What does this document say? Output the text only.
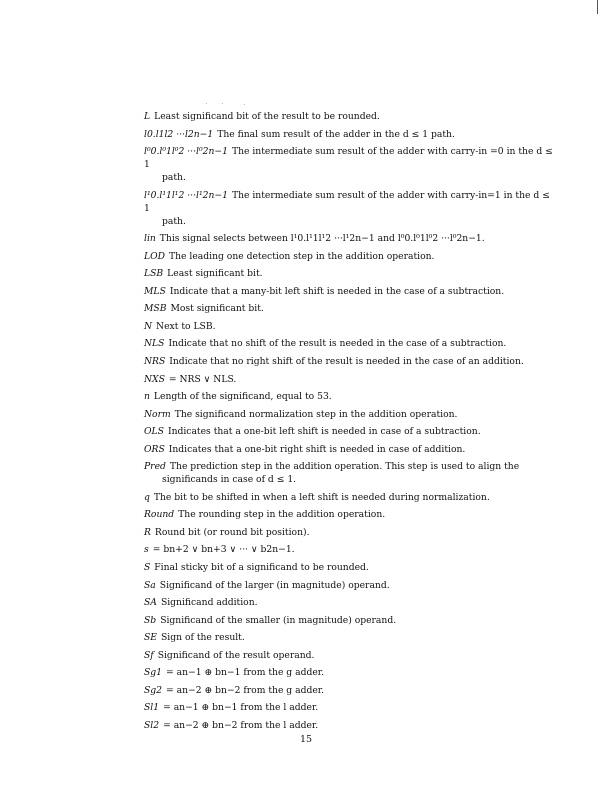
L Least significand bit of the result to be rounded.
l0.l1l2 ···l2n−1 The final sum result of the adder in the d ≤ 1 path.
l⁰0.l⁰1l⁰2 ···l⁰2n−1 The intermediate sum result of the adder with carry-in =0 in the d ≤ 1
path.
l¹0.l¹1l¹2 ···l¹2n−1 The intermediate sum result of the adder with carry-in=1 in the d ≤ 1
path.
lin This signal selects between l¹0.l¹1l¹2 ···l¹2n−1 and l⁰0.l⁰1l⁰2 ···l⁰2n−1.
LOD The leading one detection step in the addition operation.
LSB Least significant bit.
MLS Indicate that a many-bit left shift is needed in the case of a subtraction.
MSB Most significant bit.
N Next to LSB.
NLS Indicate that no shift of the result is needed in the case of a subtraction.
NRS Indicate that no right shift of the result is needed in the case of an addition.
NXS = NRS ∨ NLS.
n Length of the significand, equal to 53.
Norm The significand normalization step in the addition operation.
OLS Indicates that a one-bit left shift is needed in case of a subtraction.
ORS Indicates that a one-bit right shift is needed in case of addition.
Pred The prediction step in the addition operation. This step is used to align the
significands in case of d ≤ 1.
q The bit to be shifted in when a left shift is needed during normalization.
Round The rounding step in the addition operation.
R Round bit (or round bit position).
s = bn+2 ∨ bn+3 ∨ ··· ∨ b2n−1.
S Final sticky bit of a significand to be rounded.
Sa Significand of the larger (in magnitude) operand.
SA Significand addition.
Sb Significand of the smaller (in magnitude) operand.
SE Sign of the result.
Sf Significand of the result operand.
Sg1 = an−1 ⊕ bn−1 from the g adder.
Sg2 = an−2 ⊕ bn−2 from the g adder.
Sl1 = an−1 ⊕ bn−1 from the l adder.
Sl2 = an−2 ⊕ bn−2 from the l adder.
15
